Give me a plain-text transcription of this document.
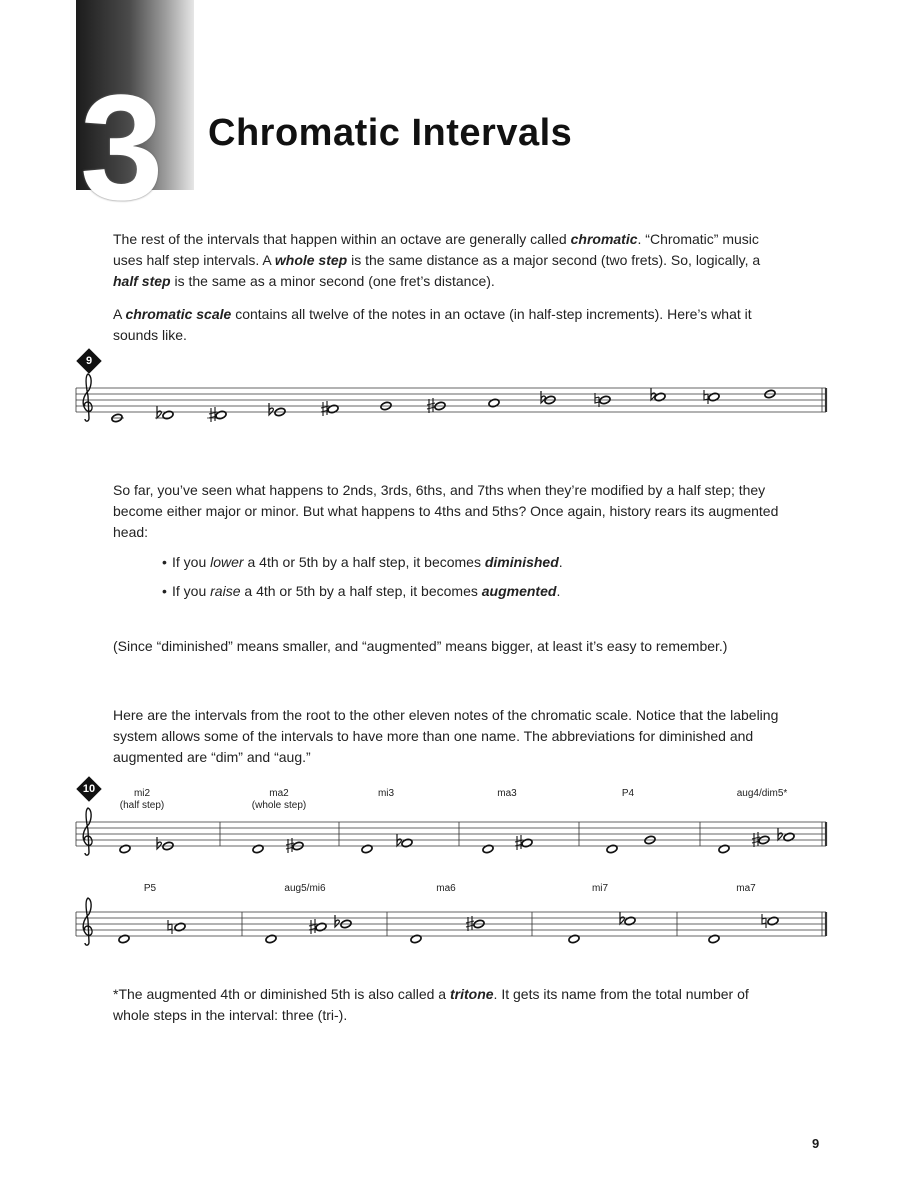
3 Chromatic Intervals

The rest of the intervals that happen within an octave are generally called chromatic. “Chromatic” music uses half step intervals. A whole step is the same distance as a major second (two frets). So, logically, a half step is the same as a minor second (one fret’s distance).

A chromatic scale contains all twelve of the notes in an octave (in half-step increments). Here’s what it sounds like.

9

So far, you’ve seen what happens to 2nds, 3rds, 6ths, and 7ths when they’re modified by a half step; they become either major or minor. But what happens to 4ths and 5ths? Once again, history rears its augmented head:

• If you lower a 4th or 5th by a half step, it becomes diminished.

• If you raise a 4th or 5th by a half step, it becomes augmented.

(Since “diminished” means smaller, and “augmented” means bigger, at least it’s easy to remember.)

Here are the intervals from the root to the other eleven notes of the chromatic scale. Notice that the labeling system allows some of the intervals to have more than one name. The abbreviations for diminished and augmented are “dim” and “aug.”

10	mi2
(half step)
ma2
(whole step)
mi3	ma3	P4	aug4/dim5*
P5	aug5/mi6	ma6	mi7	ma7

*The augmented 4th or diminished 5th is also called a tritone. It gets its name from the total number of whole steps in the interval: three (tri-).

9
